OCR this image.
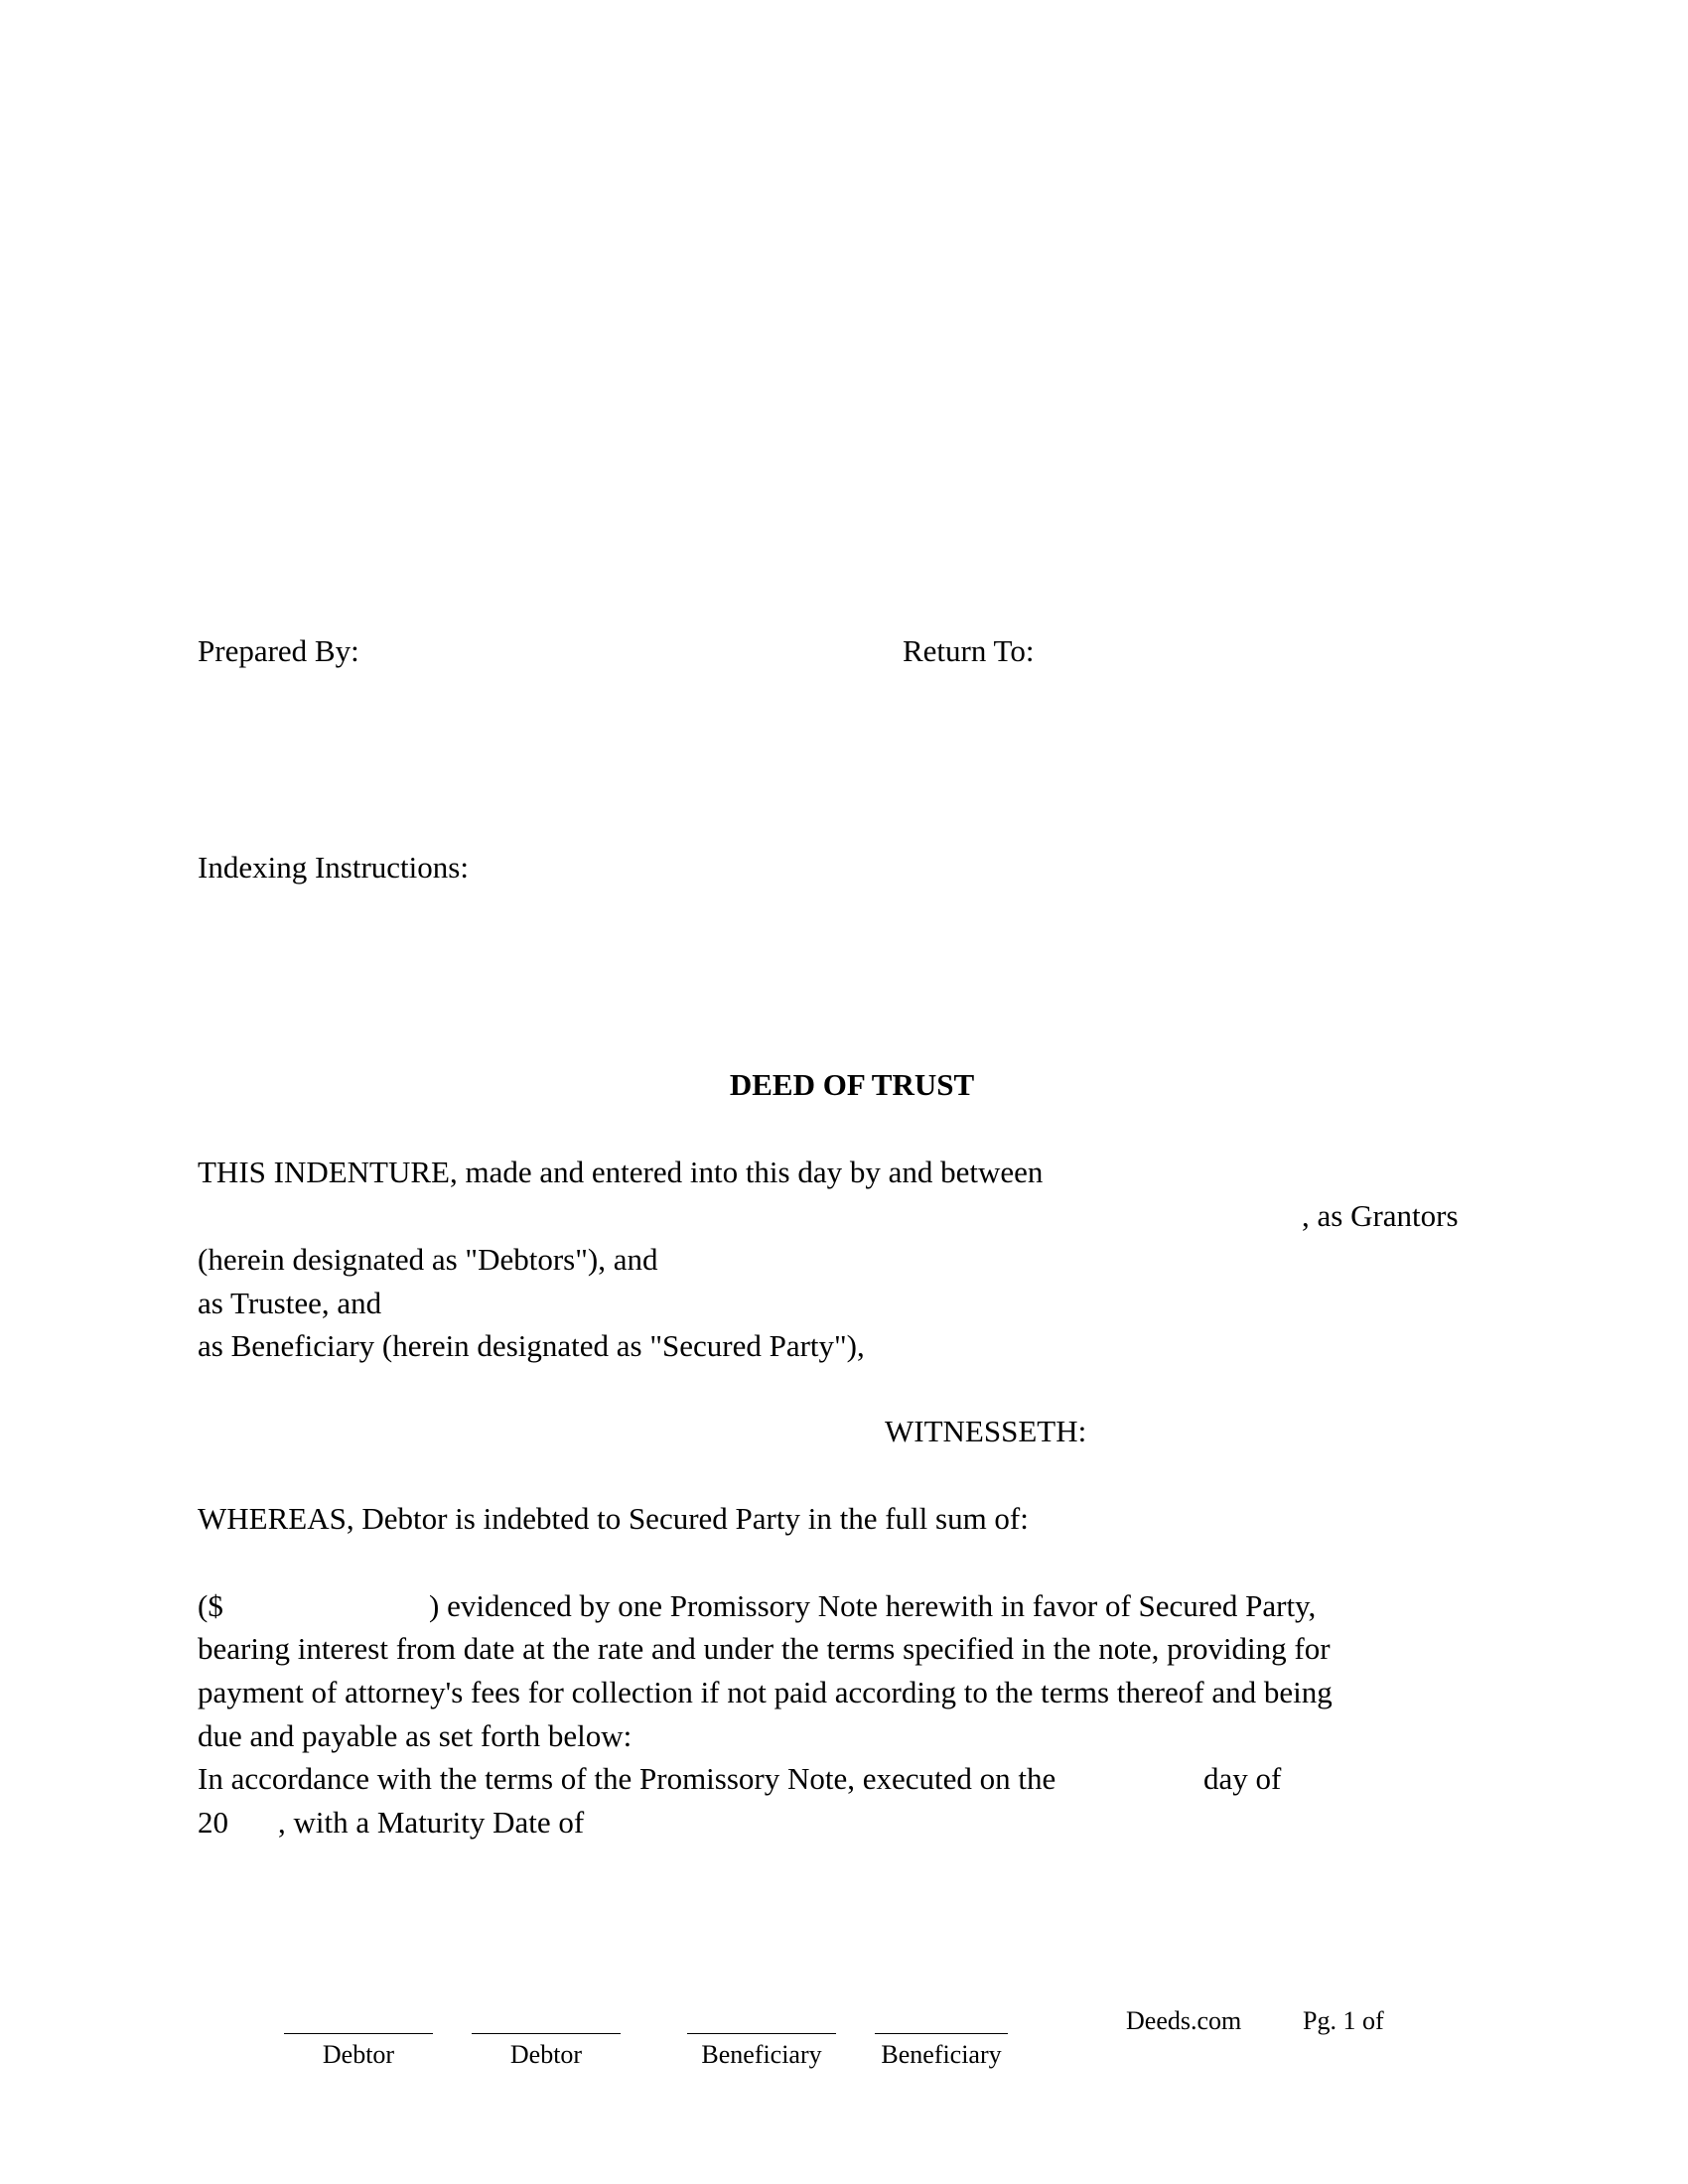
Prepared By:	Return To:
Indexing Instructions:
DEED OF TRUST
THIS INDENTURE, made and entered into this day by and between
, as Grantors
(herein designated as "Debtors"), and
as Trustee, and
as Beneficiary (herein designated as "Secured Party"),
WITNESSETH:
WHEREAS, Debtor is indebted to Secured Party in the full sum of:
($	) evidenced by one Promissory Note herewith in favor of Secured Party,
bearing interest from date at the rate and under the terms specified in the note, providing for
payment of attorney's fees for collection if not paid according to the terms thereof and being
due and payable as set forth below:
In accordance with the terms of the Promissory Note, executed on the	day of
20 , with a Maturity Date of
Debtor	Debtor	Beneficiary	Beneficiary
Deeds.com Pg. 1 of
